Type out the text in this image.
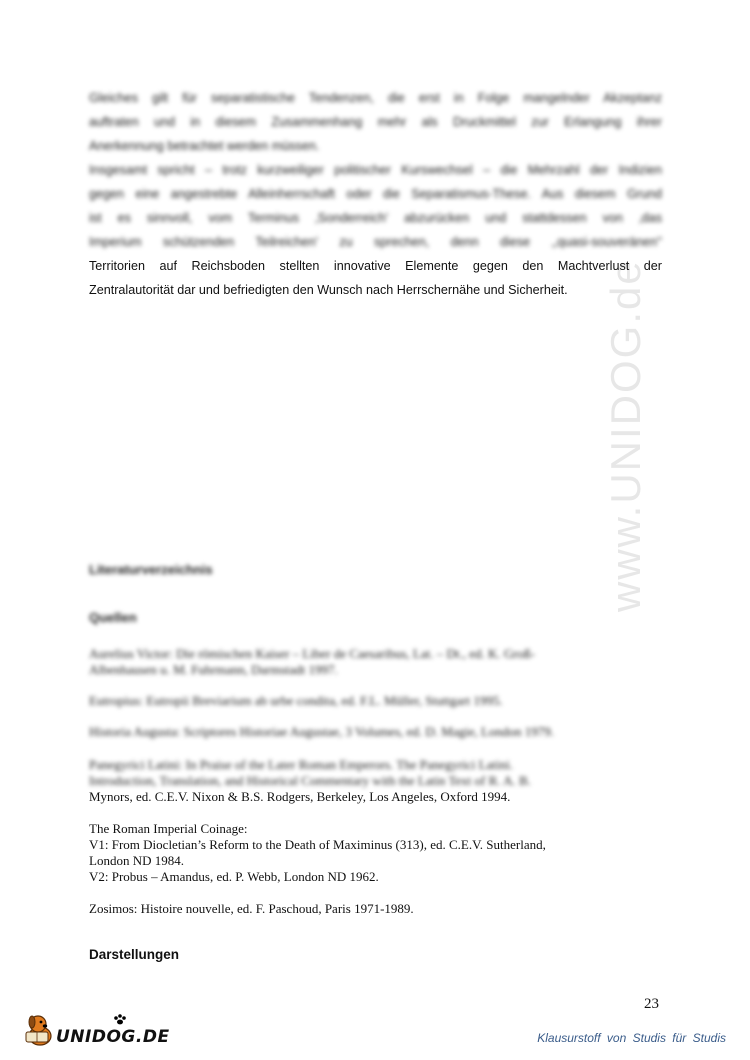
www.UNIDOG.de
Gleiches gilt für separatistische Tendenzen, die erst in Folge mangelnder Akzeptanz
auftraten und in diesem Zusammenhang mehr als Druckmittel zur Erlangung ihrer
Anerkennung betrachtet werden müssen.
Insgesamt spricht – trotz kurzweiliger politischer Kurswechsel – die Mehrzahl der Indizien
gegen eine angestrebte Alleinherrschaft oder die Separatismus-These. Aus diesem Grund
ist es sinnvoll, vom Terminus ‚Sonderreich' abzurücken und stattdessen von ‚das
Imperium schützenden Teilreichen' zu sprechen, denn diese ‚‚quasi-souveränen''
Territorien auf Reichsboden stellten innovative Elemente gegen den Machtverlust der
Zentralautorität dar und befriedigten den Wunsch nach Herrschernähe und Sicherheit.
Literaturverzeichnis
Quellen
Aurelius Victor: Die römischen Kaiser – Liber de Caesaribus, Lat. – Dt., ed. K. Groß-
Albenhausen u. M. Fuhrmann, Darmstadt 1997.
Eutropius: Eutropii Breviarium ab urbe condita, ed. F.L. Müller, Stuttgart 1995.
Historia Augusta: Scriptores Historiae Augustae, 3 Volumes, ed. D. Magie, London 1979.
Panegyrici Latini: In Praise of the Later Roman Emperors. The Panegyrici Latini.
Introduction, Translation, and Historical Commentary with the Latin Text of R. A. B.
Mynors, ed. C.E.V. Nixon & B.S. Rodgers, Berkeley, Los Angeles, Oxford 1994.
The Roman Imperial Coinage:
V1: From Diocletian’s Reform to the Death of Maximinus (313), ed. C.E.V. Sutherland,
London ND 1984.
V2: Probus – Amandus, ed. P. Webb, London ND 1962.
Zosimos: Histoire nouvelle, ed. F. Paschoud, Paris 1971-1989.
Darstellungen
23
UNIDOG.DE	Klausurstoff von Studis für Studis
